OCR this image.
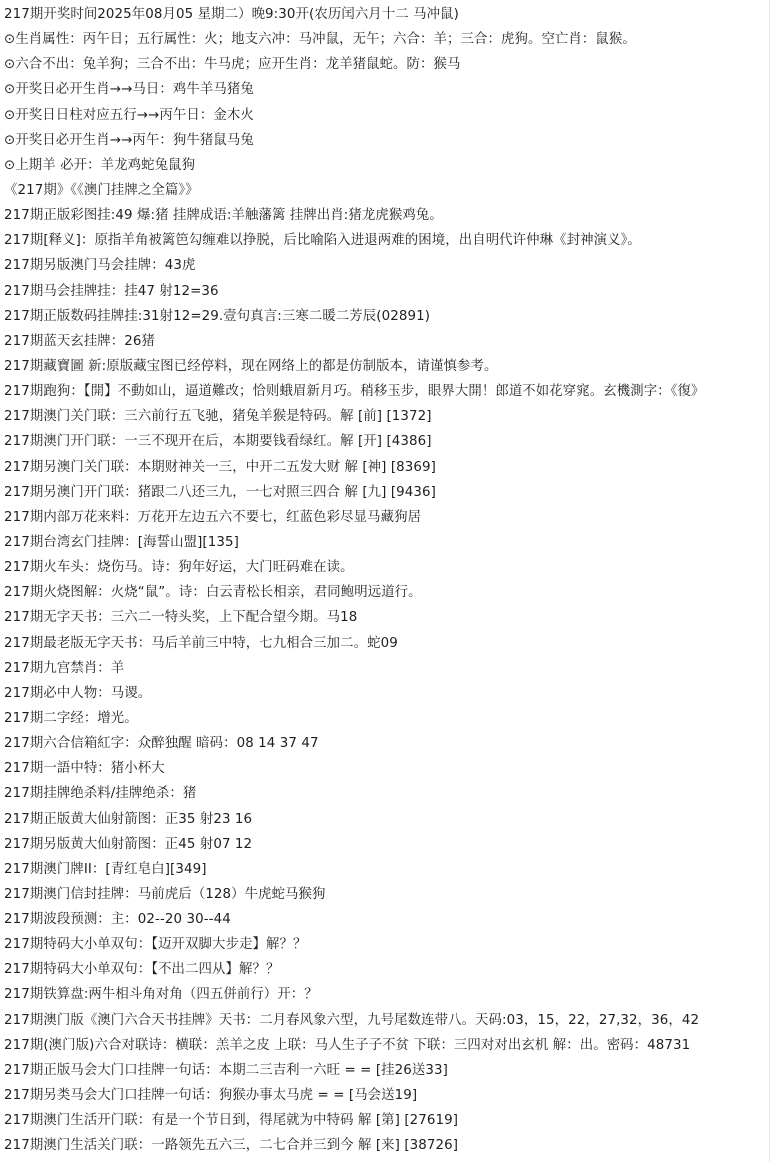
217期开奖时间2025年08月05 星期二）晚9:30开(农历闰六月十二 马冲鼠)
⊙生肖属性：丙午日；五行属性：火；地支六冲：马冲鼠，无午；六合：羊；三合：虎狗。空亡肖：鼠猴。
⊙六合不出：兔羊狗；三合不出：牛马虎；应开生肖：龙羊猪鼠蛇。防：猴马
⊙开奖日必开生肖→→马日：鸡牛羊马猪兔
⊙开奖日日柱对应五行→→丙午日：金木火
⊙开奖日必开生肖→→丙午：狗牛猪鼠马兔
⊙上期羊 必开：羊龙鸡蛇兔鼠狗
《217期》《《澳门挂牌之全篇》》
217期正版彩图挂:49 爆:猪 挂牌成语:羊触藩篱 挂牌出肖:猪龙虎猴鸡兔。
217期[释义]：原指羊角被篱笆勾缠难以挣脱，后比喻陷入进退两难的困境，出自明代许仲琳《封神演义》。
217期另版澳门马会挂牌：43虎
217期马会挂牌挂：挂47 射12=36
217期正版数码挂牌挂:31射12=29.壹句真言:三寒二暖二芳辰(02891)
217期蓝天玄挂牌：26猪
217期藏寶圖 新:原版藏宝图已经停料，现在网络上的都是仿制版本，请谨慎参考。
217期跑狗：【開】不動如山，逼道難改；恰则蛾眉新月巧。稍移玉步，眼界大開！郎道不如花穿窕。玄機測字：《復》
217期澳门关门联：三六前行五飞驰，猪兔羊猴是特码。解 [前] [1372]
217期澳门开门联：一三不现开在后，本期要钱看绿红。解 [开] [4386]
217期另澳门关门联：本期财神关一三，中开二五发大财 解 [神] [8369]
217期另澳门开门联：猪跟二八还三九，一七对照三四合 解 [九] [9436]
217期内部万花来料：万花开左边五六不要七，红蓝色彩尽显马藏狗居
217期台湾玄门挂牌：[海誓山盟][135]
217期火车头：烧伤马。诗：狗年好运，大门旺码难在读。
217期火烧图解：火烧“鼠”。诗：白云青松长相亲，君同鲍明远道行。
217期无字天书：三六二一特头奖，上下配合望今期。马18
217期最老版无字天书：马后羊前三中特，七九相合三加二。蛇09
217期九宫禁肖：羊
217期必中人物：马谡。
217期二字经：增光。
217期六合信箱紅字：众醉独醒 暗码：08 14 37 47
217期一語中特：猪小杯大
217期挂牌绝杀料/挂牌绝杀：猪
217期正版黄大仙射箭图：正35 射23 16
217期另版黄大仙射箭图：正45 射07 12
217期澳门牌II：[青红皂白][349]
217期澳门信封挂牌：马前虎后（128）牛虎蛇马猴狗
217期波段预测：主：02--20 30--44
217期特码大小单双句：【迈开双脚大步走】解？？
217期特码大小单双句：【不出二四从】解？？
217期铁算盘:两牛相斗角对角（四五併前行）开：？
217期澳门版《澳门六合天书挂牌》天书：二月春风象六型，九号尾数连带八。天码:03，15，22，27,32，36，42
217期(澳门版)六合对联诗：横联：羔羊之皮 上联：马人生子子不贫 下联：三四对对出玄机 解：出。密码：48731
217期正版马会大门口挂牌一句话：本期二三吉利一六旺 = = [挂26送33]
217期另类马会大门口挂牌一句话：狗猴办事太马虎 = = [马会送19]
217期澳门生活开门联：有是一个节日到，得尾就为中特码 解 [第] [27619]
217期澳门生活关门联：一路领先五六三，二七合并三到今 解 [来] [38726]
